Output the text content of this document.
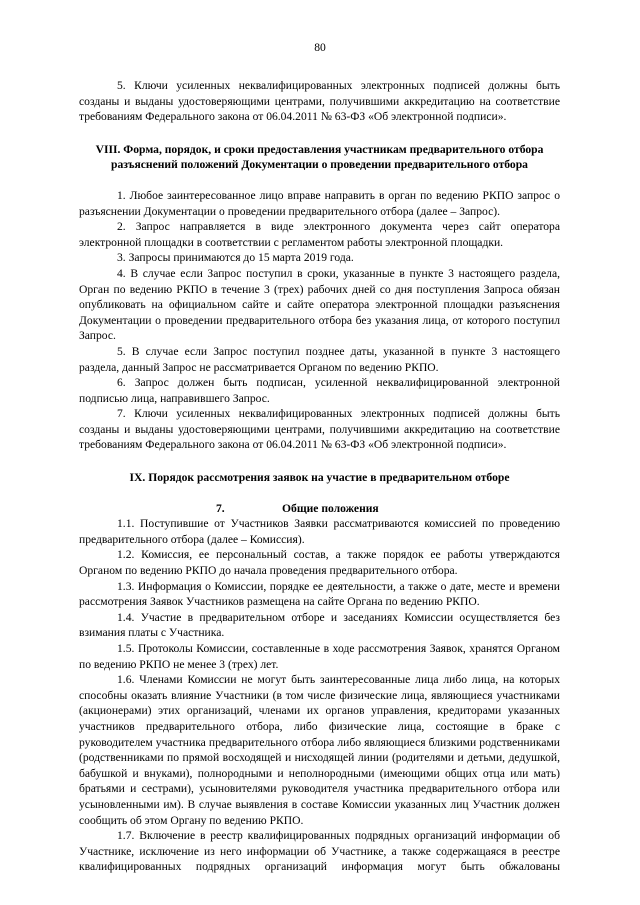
80

5. Ключи усиленных неквалифицированных электронных подписей должны быть созданы и выданы удостоверяющими центрами, получившими аккредитацию на соответствие требованиям Федерального закона от 06.04.2011 № 63-ФЗ «Об электронной подписи».

VIII. Форма, порядок, и сроки предоставления участникам предварительного отбора
разъяснений положений Документации о проведении предварительного отбора

1. Любое заинтересованное лицо вправе направить в орган по ведению РКПО запрос о разъяснении Документации о проведении предварительного отбора (далее – Запрос).

2. Запрос направляется в виде электронного документа через сайт оператора электронной площадки в соответствии с регламентом работы электронной площадки.

3. Запросы принимаются до 15 марта 2019 года.

4. В случае если Запрос поступил в сроки, указанные в пункте 3 настоящего раздела, Орган по ведению РКПО в течение 3 (трех) рабочих дней со дня поступления Запроса обязан опубликовать на официальном сайте и сайте оператора электронной площадки разъяснения Документации о проведении предварительного отбора без указания лица, от которого поступил Запрос.

5. В случае если Запрос поступил позднее даты, указанной в пункте 3 настоящего раздела, данный Запрос не рассматривается Органом по ведению РКПО.

6. Запрос должен быть подписан, усиленной неквалифицированной электронной подписью лица, направившего Запрос.

7. Ключи усиленных неквалифицированных электронных подписей должны быть созданы и выданы удостоверяющими центрами, получившими аккредитацию на соответствие требованиям Федерального закона от 06.04.2011 № 63-ФЗ «Об электронной подписи».

IX. Порядок рассмотрения заявок на участие в предварительном отборе
7.	Общие положения

1.1. Поступившие от Участников Заявки рассматриваются комиссией по проведению предварительного отбора (далее – Комиссия).

1.2. Комиссия, ее персональный состав, а также порядок ее работы утверждаются Органом по ведению РКПО до начала проведения предварительного отбора.

1.3. Информация о Комиссии, порядке ее деятельности, а также о дате, месте и времени рассмотрения Заявок Участников размещена на сайте Органа по ведению РКПО.

1.4. Участие в предварительном отборе и заседаниях Комиссии осуществляется без взимания платы с Участника.

1.5. Протоколы Комиссии, составленные в ходе рассмотрения Заявок, хранятся Органом по ведению РКПО не менее 3 (трех) лет.

1.6. Членами Комиссии не могут быть заинтересованные лица либо лица, на которых способны оказать влияние Участники (в том числе физические лица, являющиеся участниками (акционерами) этих организаций, членами их органов управления, кредиторами указанных участников предварительного отбора, либо физические лица, состоящие в браке с руководителем участника предварительного отбора либо являющиеся близкими родственниками (родственниками по прямой восходящей и нисходящей линии (родителями и детьми, дедушкой, бабушкой и внуками), полнородными и неполнородными (имеющими общих отца или мать) братьями и сестрами), усыновителями руководителя участника предварительного отбора или усыновленными им). В случае выявления в составе Комиссии указанных лиц Участник должен сообщить об этом Органу по ведению РКПО.

1.7. Включение в реестр квалифицированных подрядных организаций информации об Участнике, исключение из него информации об Участнике, а также содержащаяся в реестре квалифицированных подрядных организаций информация могут быть обжалованы
